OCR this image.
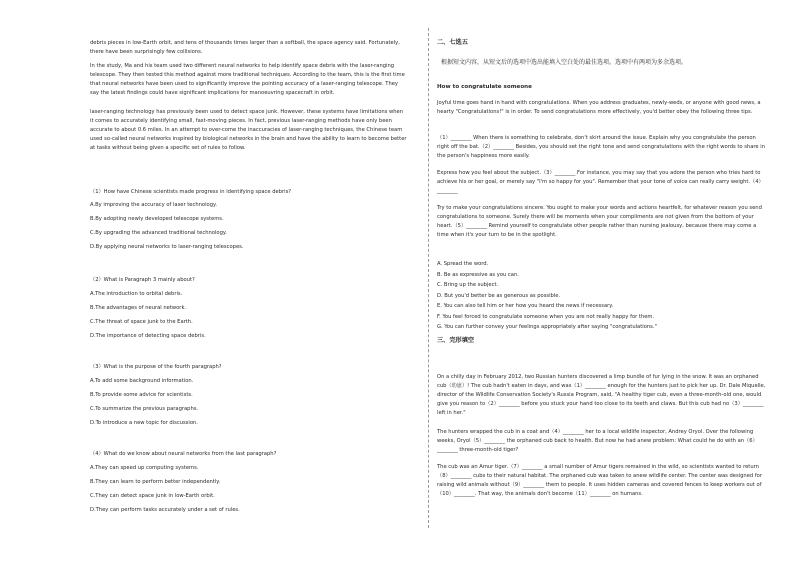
debris pieces in low-Earth orbit, and tens of thousands times larger than a softball, the space agency said. Fortunately, there have been surprisingly few collisions.

In the study, Ma and his team used two different neural networks to help identify space debris with the laser-ranging telescope. They then tested this method against more traditional techniques. According to the team, this is the first time that neural networks have been used to significantly improve the pointing accuracy of a laser-ranging telescope. They say the latest findings could have significant implications for manoeuvring spacecraft in orbit.

laser-ranging technology has previously been used to detect space junk. However, these systems have limitations when it comes to accurately identifying small, fast-moving pieces. In fact, previous laser-ranging methods have only been accurate to about 0.6 miles. In an attempt to over-come the inaccuracies of laser-ranging techniques, the Chinese team used so-called neural networks inspired by biological networks in the brain and have the ability to learn to become better at tasks without being given a specific set of rules to follow.

（1）How have Chinese scientists made progress in identifying space debris?

A.By improving the accuracy of laser technology.

B.By adopting newly developed telescope systems.

C.By upgrading the advanced traditional technology.

D.By applying neural networks to laser-ranging telescopes.

（2）What is Paragraph 3 mainly about?

A.The introduction to orbital debris.

B.The advantages of neural network.

C.The threat of space junk to the Earth.

D.The importance of detecting space debris.

（3）What is the purpose of the fourth paragraph?

A.To add some background information.

B.To provide some advice for scientists.

C.To summarize the previous paragraphs.

D.To introduce a new topic for discussion.

（4）What do we know about neural networks from the last paragraph?

A.They can speed up computing systems.

B.They can learn to perform better independently.

C.They can detect space junk in low-Earth orbit.

D.They can perform tasks accurately under a set of rules.

二、七选五

根据短文内容，从短文后的选项中选出能填入空白处的最佳选项。选项中有两项为多余选项。

How to congratulate someone

Joyful time goes hand in hand with congratulations. When you address graduates, newly-weds, or anyone with good news, a hearty "Congratulations!" is in order. To send congratulations more effectively, you'd better obey the following three tips.

（1）________ When there is something to celebrate, don't skirt around the issue. Explain why you congratulate the person right off the bat.（2）________ Besides, you should set the right tone and send congratulations with the right words to share in the person's happiness more easily.

Express how you feel about the subject.（3）________ For instance, you may say that you adore the person who tries hard to achieve his or her goal, or merely say "I'm so happy for you". Remember that your tone of voice can really carry weight.（4）________

Try to make your congratulations sincere. You ought to make your words and actions heartfelt, for whatever reason you send congratulations to someone. Surely there will be moments when your compliments are not given from the bottom of your heart.（5）________ Remind yourself to congratulate other people rather than nursing jealousy, because there may come a time when it's your turn to be in the spotlight.

A. Spread the word.

B. Be as expressive as you can.

C. Bring up the subject.

D. But you'd better be as generous as possible.

E. You can also tell him or her how you heard the news if necessary.

F. You feel forced to congratulate someone when you are not really happy for them.

G. You can further convey your feelings appropriately after saying "congratulations."

三、完形填空

On a chilly day in February 2012, two Russian hunters discovered a limp bundle of fur lying in the snow. It was an orphaned cub（幼崽）! The cub hadn't eaten in days, and was（1）________ enough for the hunters just to pick her up. Dr. Dale Miquelle, director of the Wildlife Conservation Society's Russia Program, said, "A healthy tiger cub, even a three-month-old one, would give you reason to（2）________ before you stuck your hand too close to its teeth and claws. But this cub had no（3）________ left in her."

The hunters wrapped the cub in a coat and（4）________ her to a local wildlife inspector, Andrey Oryol. Over the following weeks, Oryol（5）________ the orphaned cub back to health. But now he had anew problem: What could he do with an（6）________ three-month-old tiger?

The cub was an Amur tiger.（7）________ a small number of Amur tigers remained in the wild, so scientists wanted to return（8）________ cubs to their natural habitat. The orphaned cub was taken to anew wildlife center. The center was designed for raising wild animals without（9）________ them to people. It uses hidden cameras and covered fences to keep workers out of（10）________. That way, the animals don't become（11）________ on humans.
